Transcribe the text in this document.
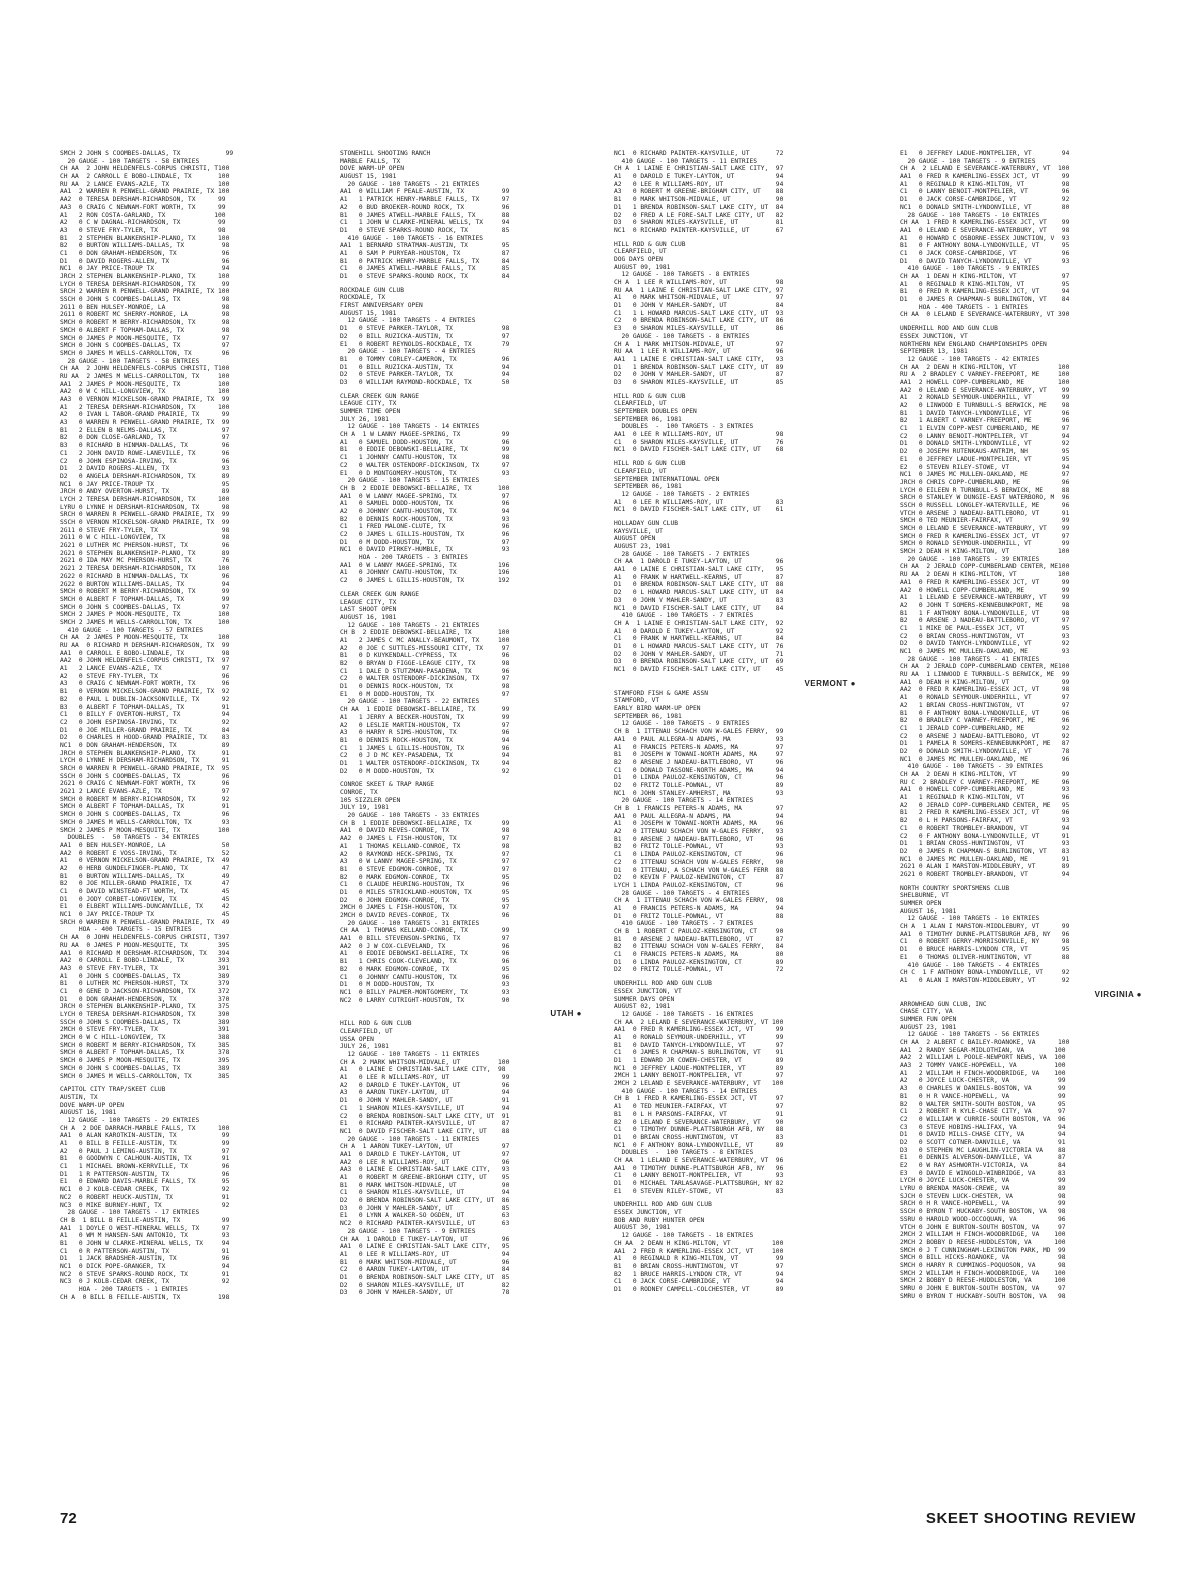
SMCH 2 JOHN S COOMBES-DALLAS, TX            99
20 GAUGE - 100 TARGETS - 58 ENTRIES
CH AA  2 JOHN HELDENFELS-CORPUS CHRISTI, T100
CH AA  2 CARROLL E BOBO-LINDALE, TX       100
RU AA  2 LANCE EVANS-AZLE, TX             100
AA1  2 WARREN R PENWELL-GRAND PRAIRIE, TX 100
AA2  0 TERESA DERSHAM-RICHARDSON, TX      99
AA3  0 CRAIG C NEWNAM-FORT WORTH, TX      99
A1   2 RON COSTA-GARLAND, TX             100
A2   0 C W DAGNAL-RICHARDSON, TX          99
A3   0 STEVE FRY-TYLER, TX                98
B1   2 STEPHEN BLANKENSHIP-PLANO, TX      100
B2   0 BURTON WILLIAMS-DALLAS, TX          98
C1   0 DON GRAHAM-HENDERSON, TX            96
D1   0 DAVID ROGERS-ALLEN, TX              96
NC1  0 JAY PRICE-TROUP TX                  94
JRCH 2 STEPHEN BLANKENSHIP-PLANO, TX      100
LYCH 0 TERESA DERSHAM-RICHARDSON, TX       99
SRCH 2 WARREN R PENWELL-GRAND PRAIRIE, TX 100
SSCH 0 JOHN S COOMBES-DALLAS, TX           98
2G11 0 BEN HULSEY-MONROE, LA               98
2G11 0 ROBERT MC SHERRY-MONROE, LA         98
SMCH 0 ROBERT M BERRY-RICHARDSON, TX       98
SMCH 0 ALBERT F TOPHAM-DALLAS, TX          98
SMCH 0 JAMES P MOON-MESQUITE, TX           97
SMCH 0 JOHN S COOMBES-DALLAS, TX           97
SMCH 0 JAMES M WELLS-CARROLLTON, TX        96
28 GAUGE - 100 TARGETS - 58 ENTRIES
CH AA  2 JOHN HELDENFELS-CORPUS CHRISTI, T100
RU AA  2 JAMES M WELLS-CARROLLTON, TX     100
AA1  2 JAMES P MOON-MESQUITE, TX          100
AA2  0 W C HILL-LONGVIEW, TX              100
AA3  0 VERNON MICKELSON-GRAND PRAIRIE, TX  99
A1   2 TERESA DERSHAM-RICHARDSON, TX      100
A2   0 IVAN L TABOR-GRAND PRAIRIE, TX      99
A3   0 WARREN R PENWELL-GRAND PRAIRIE, TX  99
B1   2 ELLEN B NELMS-DALLAS, TX            97
B2   0 DON CLOSE-GARLAND, TX               97
B3   0 RICHARD B HINMAN-DALLAS, TX         96
C1   2 JOHN DAVID ROWE-LANEVILLE, TX       96
C2   0 JOHN ESPINOSA-IRVING, TX            96
D1   2 DAVID ROGERS-ALLEN, TX              93
D2   0 ANGELA DERSHAM-RICHARDSON, TX       89
NC1  0 JAY PRICE-TROUP TX                  95
JRCH 0 ANDY OVERTON-HURST, TX              89
LYCH 2 TERESA DERSHAM-RICHARDSON, TX      100
LYRU 0 LYNNE H DERSHAM-RICHARDSON, TX      98
SRCH 0 WARREN R PENWELL-GRAND PRAIRIE, TX  99
SSCH 0 VERNON MICKELSON-GRAND PRAIRIE, TX  99
2G11 0 STEVE FRY-TYLER, TX                 98
2G11 0 W C HILL-LONGVIEW, TX               98
2G21 0 LUTHER MC PHERSON-HURST, TX         96
2G21 0 STEPHEN BLANKENSHIP-PLANO, TX       89
2G21 0 IDA MAY MC PHERSON-HURST, TX        76
2G21 2 TERESA DERSHAM-RICHARDSON, TX      100
2G22 0 RICHARD B HINMAN-DALLAS, TX         96
2G22 0 BURTON WILLIAMS-DALLAS, TX          94
SMCH 0 ROBERT M BERRY-RICHARDSON, TX       99
SMCH 0 ALBERT F TOPHAM-DALLAS, TX          99
SMCH 0 JOHN S COOMBES-DALLAS, TX           97
SMCH 2 JAMES P MOON-MESQUITE, TX          100
SMCH 2 JAMES M WELLS-CARROLLTON, TX       100
410 GAUGE - 100 TARGETS - 57 ENTRIES
CH AA  2 JAMES P MOON-MESQUITE, TX        100
RU AA  0 RICHARD M DERSHAM-RICHARDSON, TX  99
AA1  0 CARROLL E BOBO-LINDALE, TX          98
AA2  0 JOHN HELDENFELS-CORPUS CHRISTI, TX  97
A1   2 LANCE EVANS-AZLE, TX                97
A2   0 STEVE FRY-TYLER, TX                 96
A3   0 CRAIG C NEWNAM-FORT WORTH, TX       96
B1   0 VERNON MICKELSON-GRAND PRAIRIE, TX  92
B2   0 PAUL L DUBLIN-JACKSONVILLE, TX      92
B3   0 ALBERT F TOPHAM-DALLAS, TX          91
C1   0 BILLY F OVERTON-HURST, TX           94
C2   0 JOHN ESPINOSA-IRVING, TX            92
D1   0 JOE MILLER-GRAND PRAIRIE, TX        84
D2   0 CHARLES H HOOD-GRAND PRAIRIE, TX    83
NC1  0 DON GRAHAM-HENDERSON, TX            89
JRCH 0 STEPHEN BLANKENSHIP-PLANO, TX       91
LYCH 0 LYNNE H DERSHAM-RICHARDSON, TX      91
SRCH 0 WARREN R PENWELL-GRAND PRAIRIE, TX  95
SSCH 0 JOHN S COOMBES-DALLAS, TX           96
2G21 0 CRAIG C NEWNAM-FORT WORTH, TX       96
2G21 2 LANCE EVANS-AZLE, TX                97
SMCH 0 ROBERT M BERRY-RICHARDSON, TX       92
SMCH 0 ALBERT F TOPHAM-DALLAS, TX          91
SMCH 0 JOHN S COOMBES-DALLAS, TX           96
SMCH 0 JAMES M WELLS-CARROLLTON, TX        93
SMCH 2 JAMES P MOON-MESQUITE, TX          100
DOUBLES  -  50 TARGETS - 34 ENTRIES
AA1  0 BEN HULSEY-MONROE, LA               50
AA2  0 ROBERT E VOSS-IRVING, TX            52
A1   0 VERNON MICKELSON-GRAND PRAIRIE, TX  49
A2   0 HERB GUNDELFINGER-PLANO, TX         47
B1   0 BURTON WILLIAMS-DALLAS, TX          49
B2   0 JOE MILLER-GRAND PRAIRIE, TX        47
C1   0 DAVID WINSTEAD-FT WORTH, TX         45
D1   0 JODY CORBET-LONGVIEW, TX            45
E1   0 ELBERT WILLIAMS-DUNCANVILLE, TX     42
NC1  0 JAY PRICE-TROUP TX                  45
SRCH 0 WARREN R PENWELL-GRAND PRAIRIE, TX  49
HOA - 400 TARGETS - 15 ENTRIES
CH AA  0 JOHN HELDENFELS-CORPUS CHRISTI, T397
RU AA  0 JAMES P MOON-MESQUITE, TX        395
AA1  0 RICHARD M DERSHAM-RICHARDSON, TX   394
AA2  0 CARROLL E BOBO-LINDALE, TX         393
AA3  0 STEVE FRY-TYLER, TX                391
A1   0 JOHN S COOMBES-DALLAS, TX          389
B1   0 LUTHER MC PHERSON-HURST, TX        379
C1   0 GENE D JACKSON-RICHARDSON, TX      372
D1   0 DON GRAHAM-HENDERSON, TX           370
JRCH 0 STEPHEN BLANKENSHIP-PLANO, TX      375
LYCH 0 TERESA DERSHAM-RICHARDSON, TX      390
SSCH 0 JOHN S COOMBES-DALLAS, TX          389
2MCH 0 STEVE FRY-TYLER, TX                391
2MCH 0 W C HILL-LONGVIEW, TX              388
SMCH 0 ROBERT M BERRY-RICHARDSON, TX      385
SMCH 0 ALBERT F TOPHAM-DALLAS, TX         378
SMCH 0 JAMES P MOON-MESQUITE, TX          395
SMCH 0 JOHN S COOMBES-DALLAS, TX          389
SMCH 0 JAMES M WELLS-CARROLLTON, TX       385
CAPITOL CITY TRAP/SKEET CLUB
AUSTIN, TX
DOVE WARM-UP OPEN
AUGUST 16, 1981
12 GAUGE - 100 TARGETS - 29 ENTRIES
CH A  2 DOE DARRACH-MARBLE FALLS, TX      100
AA1  0 ALAN KAROTKIN-AUSTIN, TX            99
A1   0 BILL B FEILLE-AUSTIN, TX            99
A2   0 PAUL J LEMING-AUSTIN, TX            97
B1   0 GOODWYN C CALHOUN-AUSTIN, TX        91
C1   1 MICHAEL BROWN-KERRVILLE, TX         96
D1   1 R PATTERSON-AUSTIN, TX              96
E1   0 EDWARD DAVIS-MARBLE FALLS, TX       95
NC1  0 J KOLB-CEDAR CREEK, TX              92
NC2  0 ROBERT HEUCK-AUSTIN, TX             91
NC3  0 MIKE BURNEY-HUNT, TX                92
28 GAUGE - 100 TARGETS - 17 ENTRIES
CH B  1 BILL B FEILLE-AUSTIN, TX           99
AA1  1 DOYLE O WEST-MINERAL WELLS, TX      97
A1   0 WM M HANSEN-SAN ANTONIO, TX         93
B1   0 JOHN W CLARKE-MINERAL WELLS, TX     94
C1   0 R PATTERSON-AUSTIN, TX              91
D1   1 JACK BRADSHER-AUSTIN, TX            96
NC1  0 DICK POPE-GRANGER, TX               94
NC2  0 STEVE SPARKS-ROUND ROCK, TX         91
NC3  0 J KOLB-CEDAR CREEK, TX              92
HOA - 200 TARGETS - 1 ENTRIES
CH A  0 BILL B FEILLE-AUSTIN, TX          198
STONEHILL SHOOTING RANCH
MARBLE FALLS, TX
DOVE WARM-UP OPEN
AUGUST 15, 1981
20 GAUGE - 100 TARGETS - 21 ENTRIES
AA1  0 WILLIAM F PEALE-AUSTIN, TX          99
A1   1 PATRICK HENRY-MARBLE FALLS, TX      97
A2   0 BUD BROEKER-ROUND ROCK, TX          96
B1   0 JAMES ATWELL-MARBLE FALLS, TX       88
C1   1 JOHN W CLARKE-MINERAL WELLS, TX     94
D1   0 STEVE SPARKS-ROUND ROCK, TX         85
410 GAUGE - 100 TARGETS - 16 ENTRIES
AA1  1 BERNARD STRATMAN-AUSTIN, TX         95
A1   0 SAM P PURYEAR-HOUSTON, TX           87
B1   0 PATRICK HENRY-MARBLE FALLS, TX      84
C1   0 JAMES ATWELL-MARBLE FALLS, TX       85
D1   0 STEVE SPARKS-ROUND ROCK, TX         84
ROCKDALE GUN CLUB
ROCKDALE, TX
FIRST ANNIVERSARY OPEN
AUGUST 15, 1981
12 GAUGE - 100 TARGETS - 4 ENTRIES
D1   0 STEVE PARKER-TAYLOR, TX             98
D2   0 BILL RUZICKA-AUSTIN, TX             97
E1   0 ROBERT REYNOLDS-ROCKDALE, TX        79
20 GAUGE - 100 TARGETS - 4 ENTRIES
B1   0 TOMMY CORLEY-CAMERON, TX            96
D1   0 BILL RUZICKA-AUSTIN, TX             94
D2   0 STEVE PARKER-TAYLOR, TX             94
D3   0 WILLIAM RAYMOND-ROCKDALE, TX        50
CLEAR CREEK GUN RANGE
LEAGUE CITY, TX
SUMMER TIME OPEN
JULY 26, 1981
12 GAUGE - 100 TARGETS - 14 ENTRIES
CH A  1 W LANNY MAGEE-SPRING, TX           99
A1   0 SAMUEL DODD-HOUSTON, TX             96
B1   0 EDDIE DEBOWSKI-BELLAIRE, TX         99
C1   1 JOHNNY CANTU-HOUSTON, TX            98
C2   0 WALTER OSTENDORF-DICKINSON, TX      97
E1   0 D MONTGOMERY-HOUSTON, TX            93
20 GAUGE - 100 TARGETS - 15 ENTRIES
CH B  2 EDDIE DEBOWSKI-BELLAIRE, TX       100
AA1  0 W LANNY MAGEE-SPRING, TX            97
A1   0 SAMUEL DODD-HOUSTON, TX             96
A2   0 JOHNNY CANTU-HOUSTON, TX            94
B2   0 DENNIS ROCK-HOUSTON, TX             93
C1   1 FRED MALONE-CLUTE, TX               96
C2   0 JAMES L GILLIS-HOUSTON, TX          96
D1   0 M DODD-HOUSTON, TX                  97
NC1  0 DAVID PIRKEY-HUMBLE, TX             93
HOA - 200 TARGETS - 3 ENTRIES
AA1  0 W LANNY MAGEE-SPRING, TX           196
A1   0 JOHNNY CANTU-HOUSTON, TX           196
C2   0 JAMES L GILLIS-HOUSTON, TX         192
CLEAR CREEK GUN RANGE
LEAGUE CITY, TX
LAST SHOOT OPEN
AUGUST 16, 1981
12 GAUGE - 100 TARGETS - 21 ENTRIES
CH B  2 EDDIE DEBOWSKI-BELLAIRE, TX       100
A1   2 JAMES C MC ANALLY-BEAUMONT, TX     100
A2   0 JOE C SUTTLES-MISSOURI CITY, TX     97
B1   0 D KUYKENDALL-CYPRESS, TX            96
B2   0 BRYAN D FIGGE-LEAGUE CITY, TX       98
C1   1 DALE D STUTZMAN-PASADENA, TX        96
C2   0 WALTER OSTENDORF-DICKINSON, TX      97
D1   0 DENNIS ROCK-HOUSTON, TX             98
E1   0 M DODD-HOUSTON, TX                  97
20 GAUGE - 100 TARGETS - 22 ENTRIES
CH AA  1 EDDIE DEBOWSKI-BELLAIRE, TX       99
A1   1 JERRY A BECKER-HOUSTON, TX          99
A2   0 LESLIE MARTIN-HOUSTON, TX           97
A3   0 HARRY R SIMS-HOUSTON, TX            96
B1   0 DENNIS ROCK-HOUSTON, TX             94
C1   1 JAMES L GILLIS-HOUSTON, TX          96
C2   0 J D MC KEY-PASADENA, TX             94
D1   1 WALTER OSTENDORF-DICKINSON, TX      94
D2   0 M DODD-HOUSTON, TX                  92
CONROE SKEET & TRAP RANGE
CONROE, TX
105 SIZZLER OPEN
JULY 19, 1981
20 GAUGE - 100 TARGETS - 33 ENTRIES
CH B  1 EDDIE DEBOWSKI-BELLAIRE, TX        99
AA1  0 DAVID REVES-CONROE, TX              98
AA2  0 JAMES L FISH-HOUSTON, TX            97
A1   1 THOMAS KELLAND-CONROE, TX           98
A2   0 RAYMOND HECK-SPRING, TX             97
A3   0 W LANNY MAGEE-SPRING, TX            97
B1   0 STEVE EDGMON-CONROE, TX             97
B2   0 MARK EDGMON-CONROE, TX              95
C1   0 CLAUDE HEURING-HOUSTON, TX          96
D1   0 MILES STRICKLAND-HOUSTON, TX        95
D2   0 JOHN EDGMON-CONROE, TX              95
2MCH 0 JAMES L FISH-HOUSTON, TX            97
2MCH 0 DAVID REVES-CONROE, TX              96
20 GAUGE - 100 TARGETS - 31 ENTRIES
CH AA  1 THOMAS KELLAND-CONROE, TX         99
AA1  0 BILL STEVENSON-SPRING, TX           97
AA2  0 J W COX-CLEVELAND, TX               96
A1   0 EDDIE DEBOWSKI-BELLAIRE, TX         96
B1   1 CHRIS COOK-CLEVELAND, TX            96
B2   0 MARK EDGMON-CONROE, TX              95
C1   0 JOHNNY CANTU-HOUSTON, TX            96
D1   0 M DODD-HOUSTON, TX                  93
NC1  0 BILLY PALMER-MONTGOMERY, TX         93
NC2  0 LARRY CUTRIGHT-HOUSTON, TX          90
UTAH ●
HILL ROD & GUN CLUB
CLEARFIELD, UT
USSA OPEN
JULY 26, 1981
12 GAUGE - 100 TARGETS - 11 ENTRIES
CH A  2 MARK WHITSON-MIDVALE, UT          100
A1   0 LAINE E CHRISTIAN-SALT LAKE CITY,  98
A1   0 LEE R WILLIAMS-ROY, UT              99
A2   0 DAROLD E TUKEY-LAYTON, UT           96
A3   0 AARON TUKEY-LAYTON, UT              94
D1   0 JOHN V MAHLER-SANDY, UT             91
C1   1 SHARON MILES-KAYSVILLE, UT          94
C2   0 BRENDA ROBINSON-SALT LAKE CITY, UT  91
E1   0 RICHARD PAINTER-KAYSVILLE, UT       87
NC1  0 DAVID FISCHER-SALT LAKE CITY, UT    88
20 GAUGE - 100 TARGETS - 11 ENTRIES
CH A  1 AARON TUKEY-LAYTON, UT             97
AA1  0 DAROLD E TUKEY-LAYTON, UT           97
AA2  0 LEE R WILLIAMS-ROY, UT              96
AA3  0 LAINE E CHRISTIAN-SALT LAKE CITY,   93
A1   0 ROBERT M GREENE-BRIGHAM CITY, UT    95
B1   0 MARK WHITSON-MIDVALE, UT            90
C1   0 SHARON MILES-KAYSVILLE, UT          94
D2   0 BRENDA ROBINSON-SALT LAKE CITY, UT  86
D3   0 JOHN V MAHLER-SANDY, UT             85
E1   0 LYNN A WALKER-SO OGDEN, UT          63
NC2  0 RICHARD PAINTER-KAYSVILLE, UT       63
28 GAUGE - 100 TARGETS - 9 ENTRIES
CH AA  1 DAROLD E TUKEY-LAYTON, UT         96
AA1  0 LAINE E CHRISTIAN-SALT LAKE CITY,   95
A1   0 LEE R WILLIAMS-ROY, UT              94
B1   0 MARK WHITSON-MIDVALE, UT            96
C2   0 AARON TUKEY-LAYTON, UT              84
D1   0 BRENDA ROBINSON-SALT LAKE CITY, UT  85
D2   0 SHARON MILES-KAYSVILLE, UT          82
D3   0 JOHN V MAHLER-SANDY, UT             78
NC1  0 RICHARD PAINTER-KAYSVILLE, UT       72
410 GAUGE - 100 TARGETS - 11 ENTRIES
CH A  1 LAINE E CHRISTIAN-SALT LAKE CITY,  97
A1   0 DAROLD E TUKEY-LAYTON, UT           94
A2   0 LEE R WILLIAMS-ROY, UT              94
A3   0 ROBERT M GREENE-BRIGHAM CITY, UT    88
B1   0 MARK WHITSON-MIDVALE, UT            90
D1   1 BRENDA ROBINSON-SALT LAKE CITY, UT  84
D2   0 FRED A LE FORE-SALT LAKE CITY, UT   82
D3   0 SHARON MILES-KAYSVILLE, UT          81
NC1  0 RICHARD PAINTER-KAYSVILLE, UT       67
HILL ROD & GUN CLUB
CLEARFIELD, UT
DOG DAYS OPEN
AUGUST 09, 1981
12 GAUGE - 100 TARGETS - 8 ENTRIES
CH A  1 LEE R WILLIAMS-ROY, UT             98
RU AA  1 LAINE E CHRISTIAN-SALT LAKE CITY, 97
A1   0 MARK WHITSON-MIDVALE, UT            97
D1   0 JOHN V MAHLER-SANDY, UT             84
C1   1 L HOWARD MARCUS-SALT LAKE CITY, UT  93
C2   0 BRENDA ROBINSON-SALT LAKE CITY, UT  86
E3   0 SHARON MILES-KAYSVILLE, UT          86
20 GAUGE - 100 TARGETS - 8 ENTRIES
CH A  1 MARK WHITSON-MIDVALE, UT           97
RU AA  1 LEE R WILLIAMS-ROY, UT            96
AA1  1 LAINE E CHRISTIAN-SALT LAKE CITY,   93
D1   1 BRENDA ROBINSON-SALT LAKE CITY, UT  89
D2   0 JOHN V MAHLER-SANDY, UT             87
D3   0 SHARON MILES-KAYSVILLE, UT          85
HILL ROD & GUN CLUB
CLEARFIELD, UT
SEPTEMBER DOUBLES OPEN
SEPTEMBER 06, 1981
DOUBLES  -  100 TARGETS - 3 ENTRIES
AA1  0 LEE R WILLIAMS-ROY, UT              98
C1   0 SHARON MILES-KAYSVILLE, UT          76
NC1  0 DAVID FISCHER-SALT LAKE CITY, UT    68
HILL ROD & GUN CLUB
CLEARFIELD, UT
SEPTEMBER INTERNATIONAL OPEN
SEPTEMBER 06, 1981
12 GAUGE - 100 TARGETS - 2 ENTRIES
A1   0 LEE R WILLIAMS-ROY, UT              83
NC1  0 DAVID FISCHER-SALT LAKE CITY, UT    61
HOLLADAY GUN CLUB
KAYSVILLE, UT
AUGUST OPEN
AUGUST 23, 1981
28 GAUGE - 100 TARGETS - 7 ENTRIES
CH AA  1 DAROLD E TUKEY-LAYTON, UT         96
AA1  0 LAINE E CHRISTIAN-SALT LAKE CITY,   95
A1   0 FRANK W HARTWELL-KEARNS, UT         87
D1   0 BRENDA ROBINSON-SALT LAKE CITY, UT  88
D2   0 L HOWARD MARCUS-SALT LAKE CITY, UT  84
D3   0 JOHN V MAHLER-SANDY, UT             83
NC1  0 DAVID FISCHER-SALT LAKE CITY, UT    84
410 GAUGE - 100 TARGETS - 7 ENTRIES
CH A  1 LAINE E CHRISTIAN-SALT LAKE CITY,  92
A1   0 DAROLD E TUKEY-LAYTON, UT           92
C1   0 FRANK W HARTWELL-KEARNS, UT         84
D1   0 L HOWARD MARCUS-SALT LAKE CITY, UT  76
D2   0 JOHN V MAHLER-SANDY, UT             71
D3   0 BRENDA ROBINSON-SALT LAKE CITY, UT  69
NC1  0 DAVID FISCHER-SALT LAKE CITY, UT    45
VERMONT ●
STAMFORD FISH & GAME ASSN
STAMFORD, VT
EARLY BIRD WARM-UP OPEN
SEPTEMBER 06, 1981
12 GAUGE - 100 TARGETS - 9 ENTRIES
CH B  1 ITTENAU SCHACH VON W-GALES FERRY,  99
AA1  0 PAUL ALLEGRA-N ADAMS, MA            93
A1   0 FRANCIS PETERS-N ADAMS, MA          97
B1   0 JOSEPH W TOWANI-NORTH ADAMS, MA     97
B2   0 ARSENE J NADEAU-BATTLEBORO, VT      96
C1   0 DONALD TASSONE-NORTH ADAMS, MA      94
D1   0 LINDA PAULOZ-KENSINGTON, CT         96
D2   0 FRITZ TOLLE-POWNAL, VT              89
NC1  0 JOHN STANLEY-AMHERST, MA            93
20 GAUGE - 100 TARGETS - 14 ENTRIES
CH B  1 FRANCIS PETERS-N ADAMS, MA         97
AA1  0 PAUL ALLEGRA-N ADAMS, MA            94
A1   0 JOSEPH W TOWANI-NORTH ADAMS, MA     96
A2   0 ITTENAU SCHACH VON W-GALES FERRY,   93
B1   0 ARSENE J NADEAU-BATTLEBORO, VT      96
B2   0 FRITZ TOLLE-POWNAL, VT              93
C1   0 LINDA PAULOZ-KENSINGTON, CT         96
C2   0 ITTENAU SCHACH VON W-GALES FERRY,   90
D1   0 ITTENAU, A SCHACH VON W-GALES FERR  88
D2   0 KEVIN F PAULOZ-NEWINGTON, CT        87
LYCH 1 LINDA PAULOZ-KENSINGTON, CT         96
28 GAUGE - 100 TARGETS - 4 ENTRIES
CH A  1 ITTENAU SCHACH VON W-GALES FERRY,  98
A1   0 FRANCIS PETERS-N ADAMS, MA          94
D1   0 FRITZ TOLLE-POWNAL, VT              88
410 GAUGE - 100 TARGETS - 7 ENTRIES
CH B  1 ROBERT C PAULOZ-KENSINGTON, CT     90
B1   0 ARSENE J NADEAU-BATTLEBORO, VT      87
B2   0 ITTENAU SCHACH VON W-GALES FERRY,   84
C1   0 FRANCIS PETERS-N ADAMS, MA          80
D1   0 LINDA PAULOZ-KENSINGTON, CT         89
D2   0 FRITZ TOLLE-POWNAL, VT              72
UNDERHILL ROD AND GUN CLUB
ESSEX JUNCTION, VT
SUMMER DAYS OPEN
AUGUST 02, 1981
12 GAUGE - 100 TARGETS - 16 ENTRIES
CH AA  2 LELAND E SEVERANCE-WATERBURY, VT 100
AA1  0 FRED R KAMERLING-ESSEX JCT, VT      99
A1   0 RONALD SEYMOUR-UNDERHILL, VT        99
B1   0 DAVID TANYCH-LYNDONVILLE, VT        97
C1   0 JAMES R CHAPMAN-S BURLINGTON, VT    91
D1   1 EDWARD JR COWEN-CHESTER, VT         89
NC1  0 JEFFREY LADUE-MONTPELIER, VT        89
2MCH 1 LANNY BENOIT-MONTPELIER, VT         97
2MCH 2 LELAND E SEVERANCE-WATERBURY, VT   100
410 GAUGE - 100 TARGETS - 14 ENTRIES
CH B  1 FRED R KAMERLING-ESSEX JCT, VT     97
A1   0 TED MEUNIER-FAIRFAX, VT             97
B1   0 L H PARSONS-FAIRFAX, VT             91
B2   0 LELAND E SEVERANCE-WATERBURY, VT    90
C1   0 TIMOTHY DUNNE-PLATTSBURGH AFB, NY   88
D1   0 BRIAN CROSS-HUNTINGTON, VT          83
NC1  0 F ANTHONY BONA-LYNDONVILLE, VT      89
DOUBLES  -  100 TARGETS - 8 ENTRIES
CH AA  1 LELAND E SEVERANCE-WATERBURY, VT  96
AA1  0 TIMOTHY DUNNE-PLATTSBURGH AFB, NY   96
C1   0 LANNY BENOIT-MONTPELIER, VT         93
D1   0 MICHAEL TARLASAVAGE-PLATTSBURGH, NY 82
E1   0 STEVEN RILEY-STOWE, VT              83
UNDERHILL ROD AND GUN CLUB
ESSEX JUNCTION, VT
BOB AND RUBY HUNTER OPEN
AUGUST 30, 1981
12 GAUGE - 100 TARGETS - 18 ENTRIES
CH AA  2 DEAN H KING-MILTON, VT           100
AA1  2 FRED R KAMERLING-ESSEX JCT, VT     100
A1   0 REGINALD R KING-MILTON, VT          99
B1   0 BRIAN CROSS-HUNTINGTON, VT          97
B2   1 BRUCE HARRIS-LYNDON CTR, VT         94
C1   0 JACK CORSE-CAMBRIDGE, VT            94
D1   0 RODNEY CAMPELL-COLCHESTER, VT       89
E1   0 JEFFREY LADUE-MONTPELIER, VT        94
20 GAUGE - 100 TARGETS - 9 ENTRIES
CH A  2 LELAND E SEVERANCE-WATERBURY, VT  100
AA1  0 FRED R KAMERLING-ESSEX JCT, VT      99
A1   0 REGINALD R KING-MILTON, VT          98
C1   0 LANNY BENOIT-MONTPELIER, VT         96
D1   0 JACK CORSE-CAMBRIDGE, VT            92
NC1  0 DONALD SMITH-LYNDONVILLE, VT        80
28 GAUGE - 100 TARGETS - 10 ENTRIES
CH AA  1 FRED R KAMERLING-ESSEX JCT, VT    99
AA1  0 LELAND E SEVERANCE-WATERBURY, VT    98
A1   0 HOWARD C OSBORNE-ESSEX JUNCTION, V  93
B1   0 F ANTHONY BONA-LYNDONVILLE, VT      95
C1   0 JACK CORSE-CAMBRIDGE, VT            96
D1   0 DAVID TANYCH-LYNDONVILLE, VT        93
410 GAUGE - 100 TARGETS - 9 ENTRIES
CH AA  1 DEAN H KING-MILTON, VT            97
A1   0 REGINALD R KING-MILTON, VT          95
B1   0 FRED R KAMERLING-ESSEX JCT, VT      94
D1   0 JAMES R CHAPMAN-S BURLINGTON, VT    84
HOA - 400 TARGETS - 1 ENTRIES
CH AA  0 LELAND E SEVERANCE-WATERBURY, VT 390
UNDERHILL ROD AND GUN CLUB
ESSEX JUNCTION, VT
NORTHERN NEW ENGLAND CHAMPIONSHIPS OPEN
SEPTEMBER 13, 1981
12 GAUGE - 100 TARGETS - 42 ENTRIES
CH AA  2 DEAN H KING-MILTON, VT           100
RU A  2 BRADLEY C VARNEY-FREEPORT, ME     100
AA1  2 HOWELL COPP-CUMBERLAND, ME         100
AA2  0 LELAND E SEVERANCE-WATERBURY, VT    99
A1   2 RONALD SEYMOUR-UNDERHILL, VT        99
A2   0 LINWOOD E TURNBULL-S BERWICK, ME    98
B1   1 DAVID TANYCH-LYNDONVILLE, VT        96
B2   1 ALBERT C VARNEY-FREEPORT, ME        96
C1   1 ELVIN COPP-WEST CUMBERLAND, ME      97
C2   0 LANNY BENOIT-MONTPELIER, VT         94
D1   0 DONALD SMITH-LYNDONVILLE, VT        92
D2   0 JOSEPH RUTENKAUS-ANTRIM, NH         95
E1   0 JEFFREY LADUE-MONTPELIER, VT        95
E2   0 STEVEN RILEY-STOWE, VT              94
NC1  0 JAMES MC MULLEN-OAKLAND, ME         97
JRCH 0 CHRIS COPP-CUMBERLAND, ME           96
LYCH 0 EILEEN R TURNBULL-S BERWICK, ME     88
SRCH 0 STANLEY W DUNGIE-EAST WATERBORO, M  96
SSCH 0 RUSSELL LONGLEY-WATERVILLE, ME      96
VTCH 0 ARSENE J NADEAU-BATTLEBORO, VT      91
SMCH 0 TED MEUNIER-FAIRFAX, VT             99
SMCH 0 LELAND E SEVERANCE-WATERBURY, VT    99
SMCH 0 FRED R KAMERLING-ESSEX JCT, VT      97
SMCH 0 RONALD SEYMOUR-UNDERHILL, VT        99
SMCH 2 DEAN H KING-MILTON, VT             100
20 GAUGE - 100 TARGETS - 39 ENTRIES
CH AA  2 JERALD COPP-CUMBERLAND CENTER, ME100
RU AA  2 DEAN H KING-MILTON, VT           100
AA1  0 FRED R KAMERLING-ESSEX JCT, VT      99
AA2  0 HOWELL COPP-CUMBERLAND, ME          99
A1   1 LELAND E SEVERANCE-WATERBURY, VT    99
A2   0 JOHN T SOMERS-KENNEBUNKPORT, ME     98
B1   1 F ANTHONY BONA-LYNDONVILLE, VT      98
B2   0 ARSENE J NADEAU-BATTLEBORO, VT      97
C1   1 MIKE DE PAUL-ESSEX JCT, VT          95
C2   0 BRIAN CROSS-HUNTINGTON, VT          93
D2   0 DAVID TANYCH-LYNDONVILLE, VT        92
NC1  0 JAMES MC MULLEN-OAKLAND, ME         93
28 GAUGE - 100 TARGETS - 41 ENTRIES
CH AA  2 JERALD COPP-CUMBERLAND CENTER, ME100
RU AA  1 LINWOOD E TURNBULL-S BERWICK, ME  99
AA1  0 DEAN H KING-MILTON, VT              99
AA2  0 FRED R KAMERLING-ESSEX JCT, VT      98
A1   0 RONALD SEYMOUR-UNDERHILL, VT        97
A2   1 BRIAN CROSS-HUNTINGTON, VT          97
B1   0 F ANTHONY BONA-LYNDONVILLE, VT      96
B2   0 BRADLEY C VARNEY-FREEPORT, ME       96
C1   1 JERALD COPP-CUMBERLAND, ME          92
C2   0 ARSENE J NADEAU-BATTLEBORO, VT      92
D1   1 PAMELA R SOMERS-KENNEBUNKPORT, ME   87
D2   0 DONALD SMITH-LYNDONVILLE, VT        78
NC1  0 JAMES MC MULLEN-OAKLAND, ME         96
410 GAUGE - 100 TARGETS - 39 ENTRIES
CH AA  2 DEAN H KING-MILTON, VT            99
RU C  2 BRADLEY C VARNEY-FREEPORT, ME      96
AA1  0 HOWELL COPP-CUMBERLAND, ME          93
A1   1 REGINALD R KING-MILTON, VT          96
A2   0 JERALD COPP-CUMBERLAND CENTER, ME   95
B1   2 FRED R KAMERLING-ESSEX JCT, VT      96
B2   0 L H PARSONS-FAIRFAX, VT             93
C1   0 ROBERT TROMBLEY-BRANDON, VT         94
C2   0 F ANTHONY BONA-LYNDONVILLE, VT      91
D1   1 BRIAN CROSS-HUNTINGTON, VT          93
D2   0 JAMES R CHAPMAN-S BURLINGTON, VT    83
NC1  0 JAMES MC MULLEN-OAKLAND, ME         91
2G21 0 ALAN I MARSTON-MIDDLEBURY, VT       89
2G21 0 ROBERT TROMBLEY-BRANDON, VT         94
NORTH COUNTRY SPORTSMENS CLUB
SHELBURNE, VT
SUMMER OPEN
AUGUST 16, 1981
12 GAUGE - 100 TARGETS - 10 ENTRIES
CH A  1 ALAN I MARSTON-MIDDLEBURY, VT      99
AA1  0 TIMOTHY DUNNE-PLATTSBURGH AFB, NY   96
C1   0 ROBERT GERRY-MORRISONVILLE, NY      98
D1   0 BRUCE HARRIS-LYNDON CTR, VT         95
E1   0 THOMAS OLIVER-HUNTINGTON, VT        88
410 GAUGE - 100 TARGETS - 4 ENTRIES
CH C  1 F ANTHONY BONA-LYNDONVILLE, VT     92
A1   0 ALAN I MARSTON-MIDDLEBURY, VT       92
VIRGINIA ●
ARROWHEAD GUN CLUB, INC
CHASE CITY, VA
SUMMER FUN OPEN
AUGUST 23, 1981
12 GAUGE - 100 TARGETS - 56 ENTRIES
CH AA  2 ALBERT C BAILEY-ROANOKE, VA      100
AA1  2 RANDY SEGAR-MIDLOTHIAN, VA        100
AA2  2 WILLIAM L POOLE-NEWPORT NEWS, VA  100
AA3  2 TOMMY VANCE-HOPEWELL, VA          100
A1   2 WILLIAM H FINCH-WOODBRIDGE, VA    100
A2   0 JOYCE LUCK-CHESTER, VA             99
A3   0 CHARLES W DANIELS-BOSTON, VA       99
B1   0 H R VANCE-HOPEWELL, VA             99
B2   0 WALTER SMITH-SOUTH BOSTON, VA      95
C1   2 ROBERT R KYLE-CHASE CITY, VA       97
C2   0 WILLIAM W CURRIE-SOUTH BOSTON, VA  96
C3   0 STEVE HOBINS-HALIFAX, VA           94
D1   0 DAVID MILLS-CHASE CITY, VA         94
D2   0 SCOTT COTNER-DANVILLE, VA          91
D3   0 STEPHEN MC LAUGHLIN-VICTORIA VA    88
E1   0 DENNIS ALVERSON-DANVILLE, VA       87
E2   0 W RAY ASHWORTH-VICTORIA, VA        84
E3   0 DAVID E WINGOLD-WINBRIDGE, VA      83
LYCH 0 JOYCE LUCK-CHESTER, VA             99
LYRU 0 BRENDA MASON-CREWE, VA             89
SJCH 0 STEVEN LUCK-CHESTER, VA            98
SRCH 0 H R VANCE-HOPEWELL, VA             99
SSCH 0 BYRON T HUCKABY-SOUTH BOSTON, VA   98
SSRU 0 HAROLD WOOD-OCCOQUAN, VA           96
VTCH 0 JOHN E BURTON-SOUTH BOSTON, VA     97
2MCH 2 WILLIAM H FINCH-WOODBRIDGE, VA    100
2MCH 2 BOBBY D REESE-HUDDLESTON, VA      100
SMCH 0 J T CUNNINGHAM-LEXINGTON PARK, MD  99
SMCH 0 BILL HICKS-ROANOKE, VA             98
SMCH 0 HARRY R CUMMINGS-POQUOSON, VA      98
SMCH 2 WILLIAM H FINCH-WOODBRIDGE, VA    100
SMCH 2 BOBBY D REESE-HUDDLESTON, VA      100
SMRU 0 JOHN E BURTON-SOUTH BOSTON, VA     97
SMRU 0 BYRON T HUCKABY-SOUTH BOSTON, VA   98
72	SKEET SHOOTING REVIEW
